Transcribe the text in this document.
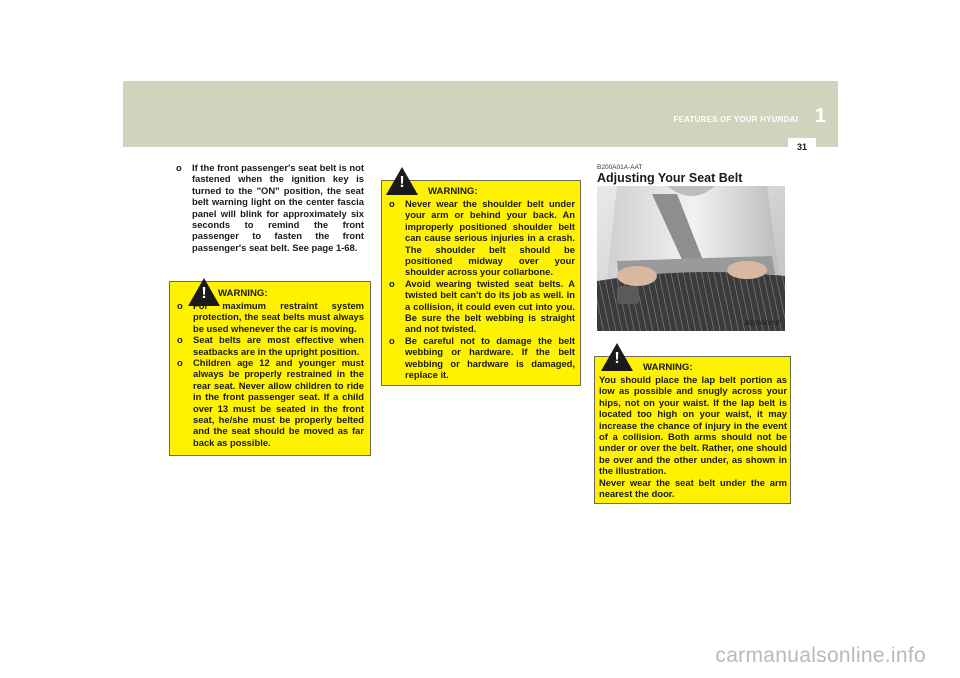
FEATURES OF YOUR HYUNDAI 1
31
o If the front passenger's seat belt is not fastened when the ignition key is turned to the "ON" position, the seat belt warning light on the center fascia panel will blink for approximately six seconds to remind the front passenger to fasten the front passenger's seat belt. See page 1-68.
! WARNING:
o For maximum restraint system protection, the seat belts must always be used whenever the car is moving.
o Seat belts are most effective when seatbacks are in the upright position.
o Children age 12 and younger must always be properly restrained in the rear seat. Never allow children to ride in the front passenger seat. If a child over 13 must be seated in the front seat, he/she must be properly belted and the seat should be moved as far back as possible.
!
WARNING:
o Never wear the shoulder belt under your arm or behind your back. An improperly positioned shoulder belt can cause serious injuries in a crash. The shoulder belt should be positioned midway over your shoulder across your collarbone.
o Avoid wearing twisted seat belts. A twisted belt can't do its job as well. In a collision, it could even cut into you. Be sure the belt webbing is straight and not twisted.
o Be careful not to damage the belt webbing or hardware. If the belt webbing or hardware is damaged, replace it.
B200A01A-AAT
Adjusting Your Seat Belt
B200A01NF
!
WARNING:
You should place the lap belt portion as low as possible and snugly across your hips, not on your waist. If the lap belt is located too high on your waist, it may increase the chance of injury in the event of a collision. Both arms should not be under or over the belt. Rather, one should be over and the other under, as shown in the illustration.
Never wear the seat belt under the arm nearest the door.
carmanualsonline.info
